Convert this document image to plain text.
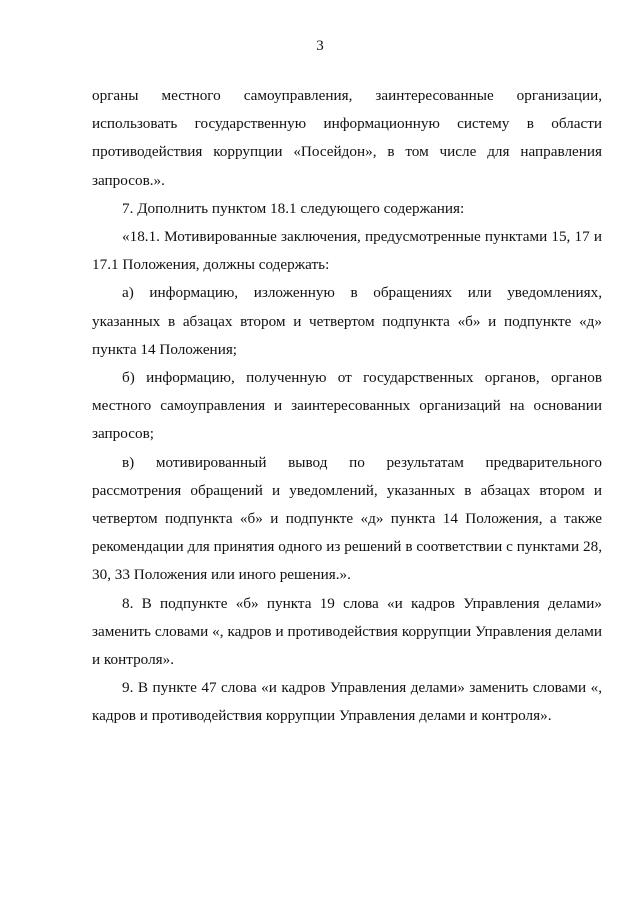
3

органы местного самоуправления, заинтересованные организации, использовать государственную информационную систему в области противодействия коррупции «Посейдон», в том числе для направления запросов.».

7. Дополнить пунктом 18.1 следующего содержания:

«18.1. Мотивированные заключения, предусмотренные пунктами 15, 17 и 17.1 Положения, должны содержать:

а) информацию, изложенную в обращениях или уведомлениях, указанных в абзацах втором и четвертом подпункта «б» и подпункте «д» пункта 14 Положения;

б) информацию, полученную от государственных органов, органов местного самоуправления и заинтересованных организаций на основании запросов;

в) мотивированный вывод по результатам предварительного рассмотрения обращений и уведомлений, указанных в абзацах втором и четвертом подпункта «б» и подпункте «д» пункта 14 Положения, а также рекомендации для принятия одного из решений в соответствии с пунктами 28, 30, 33 Положения или иного решения.».

8. В подпункте «б» пункта 19 слова «и кадров Управления делами» заменить словами «, кадров и противодействия коррупции Управления делами и контроля».

9. В пункте 47 слова «и кадров Управления делами» заменить словами «, кадров и противодействия коррупции Управления делами и контроля».
